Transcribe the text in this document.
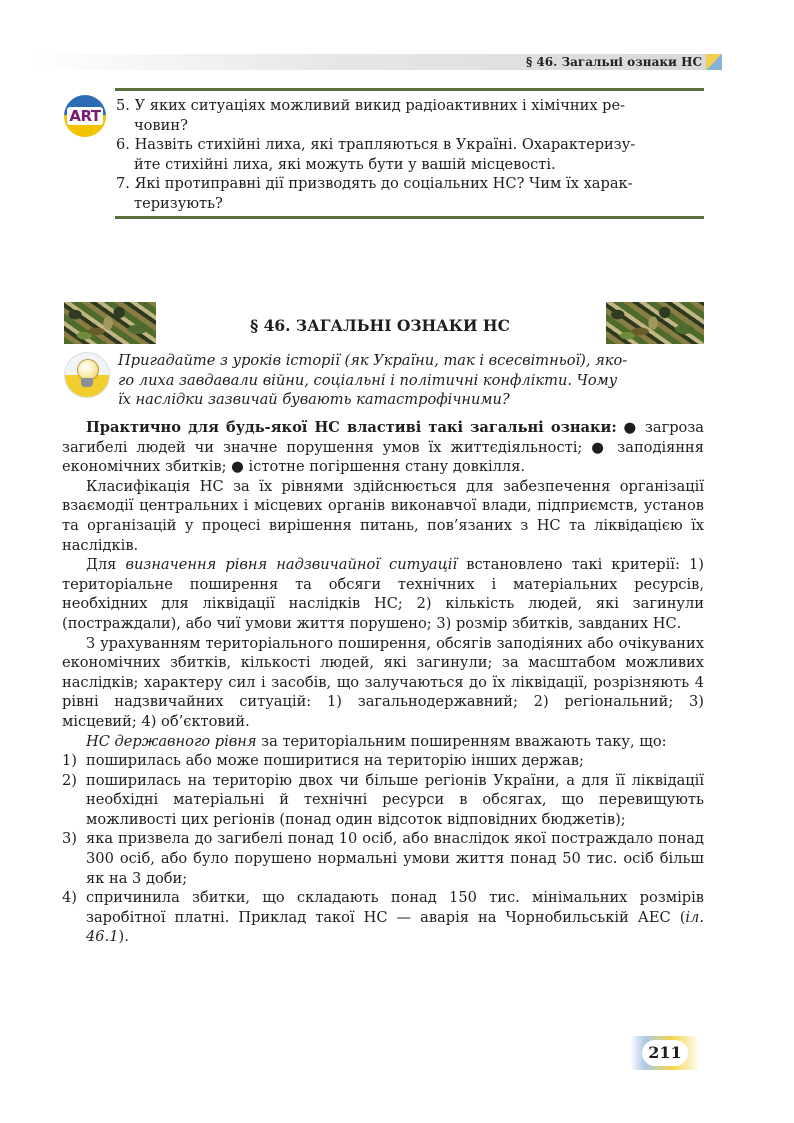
§ 46. Загальні ознаки НС
ART
5. У яких ситуаціях можливий викид радіоактивних і хімічних ре-
човин?
6. Назвіть стихійні лиха, які трапляються в Україні. Охарактеризу-
йте стихійні лиха, які можуть бути у вашій місцевості.
7. Які протиправні дії призводять до соціальних НС? Чим їх харак-
теризують?
§ 46. ЗАГАЛЬНІ ОЗНАКИ НС
Пригадайте з уроків історії (як України, так і всесвітньої), яко-
го лиха завдавали війни, соціальні і політичні конфлікти. Чому
їх наслідки зазвичай бувають катастрофічними?

Практично для будь-якої НС властиві такі загальні ознаки: ● загроза загибелі людей чи значне порушення умов їх життєдіяльності; ● заподіяння економічних збитків; ● істотне погіршення стану довкілля.

Класифікація НС за їх рівнями здійснюється для забезпечення організації взаємодії центральних і місцевих органів виконавчої влади, підприємств, установ та організацій у процесі вирішення питань, пов’язаних з НС та ліквідацією їх наслідків.

Для визначення рівня надзвичайної ситуації встановлено такі критерії: 1) територіальне поширення та обсяги технічних і матеріальних ресурсів, необхідних для ліквідації наслідків НС; 2) кількість людей, які загинули (постраждали), або чиї умови життя порушено; 3) розмір збитків, завданих НС.

З урахуванням територіального поширення, обсягів заподіяних або очікуваних економічних збитків, кількості людей, які загинули; за масштабом можливих наслідків; характеру сил і засобів, що залучаються до їх ліквідації, розрізняють 4 рівні надзвичайних ситуацій: 1) загальнодержавний; 2) регіональний; 3) місцевий; 4) об’єктовий.

НС державного рівня за територіальним поширенням вважають таку, що:

1) поширилась або може поширитися на територію інших держав;
2) поширилась на територію двох чи більше регіонів України, а для її ліквідації необхідні матеріальні й технічні ресурси в обсягах, що перевищують можливості цих регіонів (понад один відсоток відповідних бюджетів);
3) яка призвела до загибелі понад 10 осіб, або внаслідок якої постраждало понад 300 осіб, або було порушено нормальні умови життя понад 50 тис. осіб більш як на 3 доби;
4) спричинила збитки, що складають понад 150 тис. мінімальних розмірів заробітної платні. Приклад такої НС — аварія на Чорнобильській АЕС (іл. 46.1).
211
